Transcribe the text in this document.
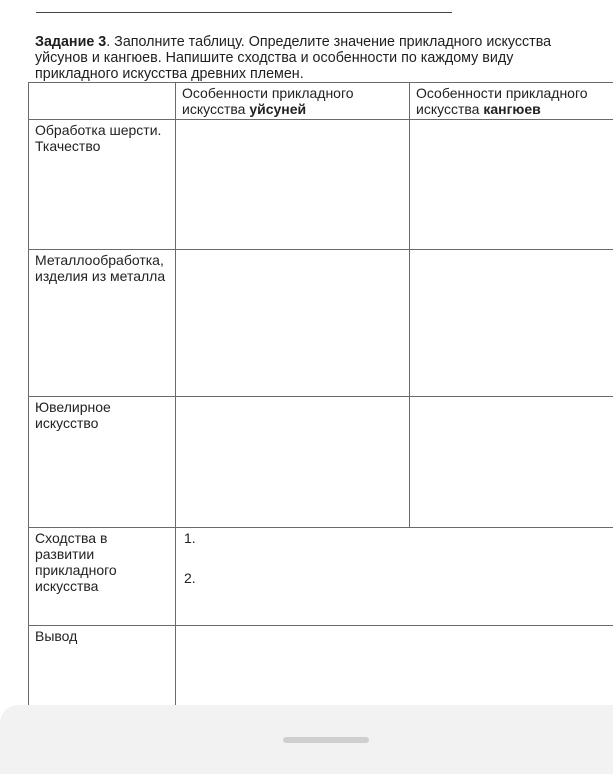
Задание 3. Заполните таблицу. Определите значение прикладного искусства уйсунов и кангюев. Напишите сходства и особенности по каждому виду прикладного искусства древних племен.
	Особенности прикладного искусства уйсуней	Особенности прикладного искусства кангюев
Обработка шерсти. Ткачество		
Металлообработка, изделия из металла		
Ювелирное искусство		
Сходства в развитии прикладного искусства	1.
2.	

Вывод		
